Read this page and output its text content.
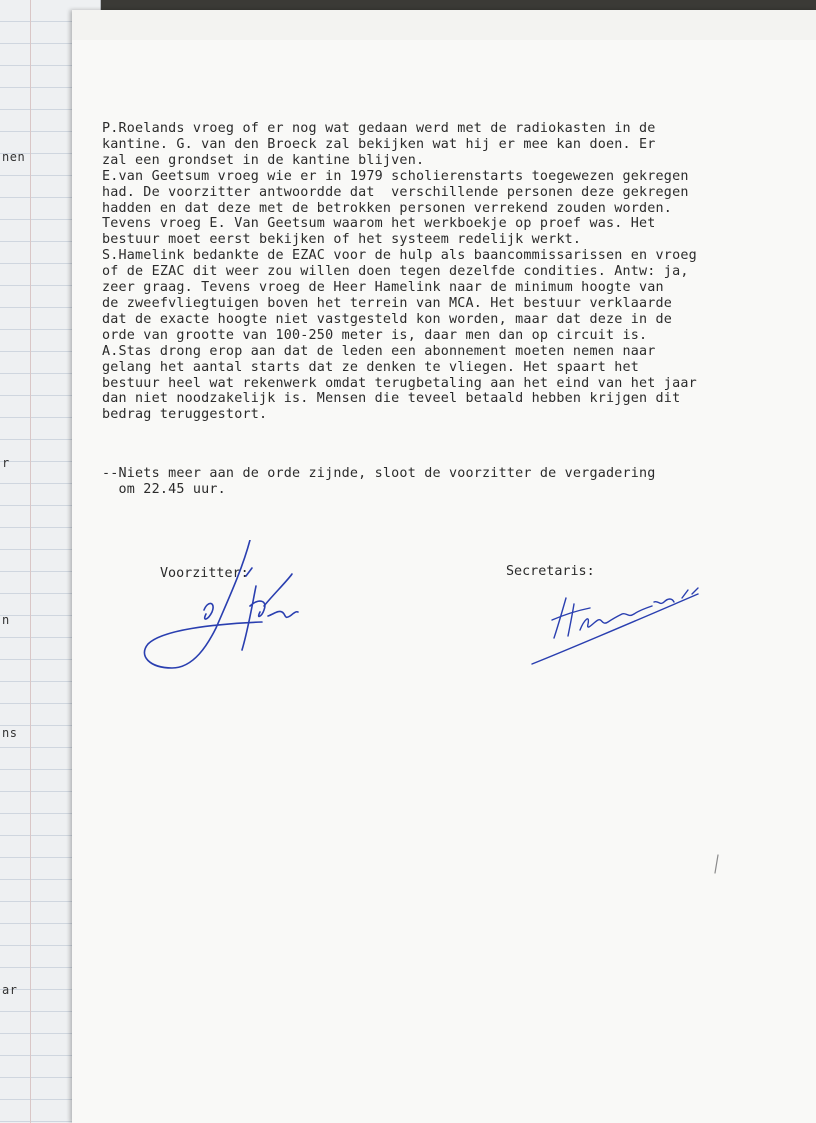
nen
r
n
ns
ar
P.Roelands vroeg of er nog wat gedaan werd met de radiokasten in de
kantine. G. van den Broeck zal bekijken wat hij er mee kan doen. Er
zal een grondset in de kantine blijven.
E.van Geetsum vroeg wie er in 1979 scholierenstarts toegewezen gekregen
had. De voorzitter antwoordde dat  verschillende personen deze gekregen
hadden en dat deze met de betrokken personen verrekend zouden worden.
Tevens vroeg E. Van Geetsum waarom het werkboekje op proef was. Het
bestuur moet eerst bekijken of het systeem redelijk werkt.
S.Hamelink bedankte de EZAC voor de hulp als baancommissarissen en vroeg
of de EZAC dit weer zou willen doen tegen dezelfde condities. Antw: ja,
zeer graag. Tevens vroeg de Heer Hamelink naar de minimum hoogte van
de zweefvliegtuigen boven het terrein van MCA. Het bestuur verklaarde
dat de exacte hoogte niet vastgesteld kon worden, maar dat deze in de
orde van grootte van 100-250 meter is, daar men dan op circuit is.
A.Stas drong erop aan dat de leden een abonnement moeten nemen naar
gelang het aantal starts dat ze denken te vliegen. Het spaart het
bestuur heel wat rekenwerk omdat terugbetaling aan het eind van het jaar
dan niet noodzakelijk is. Mensen die teveel betaald hebben krijgen dit
bedrag teruggestort.
--Niets meer aan de orde zijnde, sloot de voorzitter de vergadering
om 22.45 uur.
Voorzitter:	Secretaris:
